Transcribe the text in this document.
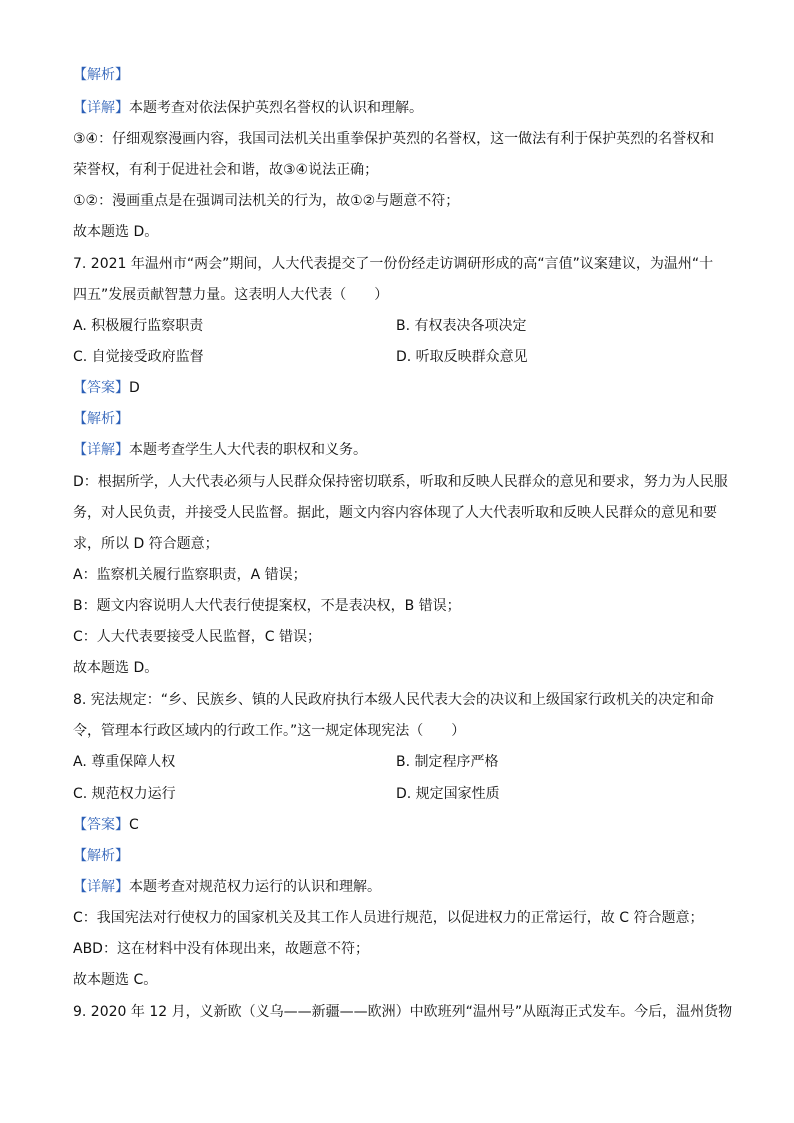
【解析】
【详解】本题考查对依法保护英烈名誉权的认识和理解。
③④：仔细观察漫画内容，我国司法机关出重拳保护英烈的名誉权，这一做法有利于保护英烈的名誉权和
荣誉权，有利于促进社会和谐，故③④说法正确；
①②：漫画重点是在强调司法机关的行为，故①②与题意不符；
故本题选 D。
7. 2021 年温州市“两会”期间，人大代表提交了一份份经走访调研形成的高“言值”议案建议，为温州“十
四五”发展贡献智慧力量。这表明人大代表（　　）
A. 积极履行监察职责	B. 有权表决各项决定
C. 自觉接受政府监督	D. 听取反映群众意见
【答案】D
【解析】
【详解】本题考查学生人大代表的职权和义务。
D：根据所学，人大代表必须与人民群众保持密切联系，听取和反映人民群众的意见和要求，努力为人民服
务，对人民负责，并接受人民监督。据此，题文内容内容体现了人大代表听取和反映人民群众的意见和要
求，所以 D 符合题意；
A：监察机关履行监察职责，A 错误；
B：题文内容说明人大代表行使提案权，不是表决权，B 错误；
C：人大代表要接受人民监督，C 错误；
故本题选 D。
8. 宪法规定：“乡、民族乡、镇的人民政府执行本级人民代表大会的决议和上级国家行政机关的决定和命
令，管理本行政区域内的行政工作。”这一规定体现宪法（　　）
A. 尊重保障人权	B. 制定程序严格
C. 规范权力运行	D. 规定国家性质
【答案】C
【解析】
【详解】本题考查对规范权力运行的认识和理解。
C：我国宪法对行使权力的国家机关及其工作人员进行规范，以促进权力的正常运行，故 C 符合题意；
ABD：这在材料中没有体现出来，故题意不符；
故本题选 C。
9. 2020 年 12 月，义新欧（义乌——新疆——欧洲）中欧班列“温州号”从瓯海正式发车。今后，温州货物
